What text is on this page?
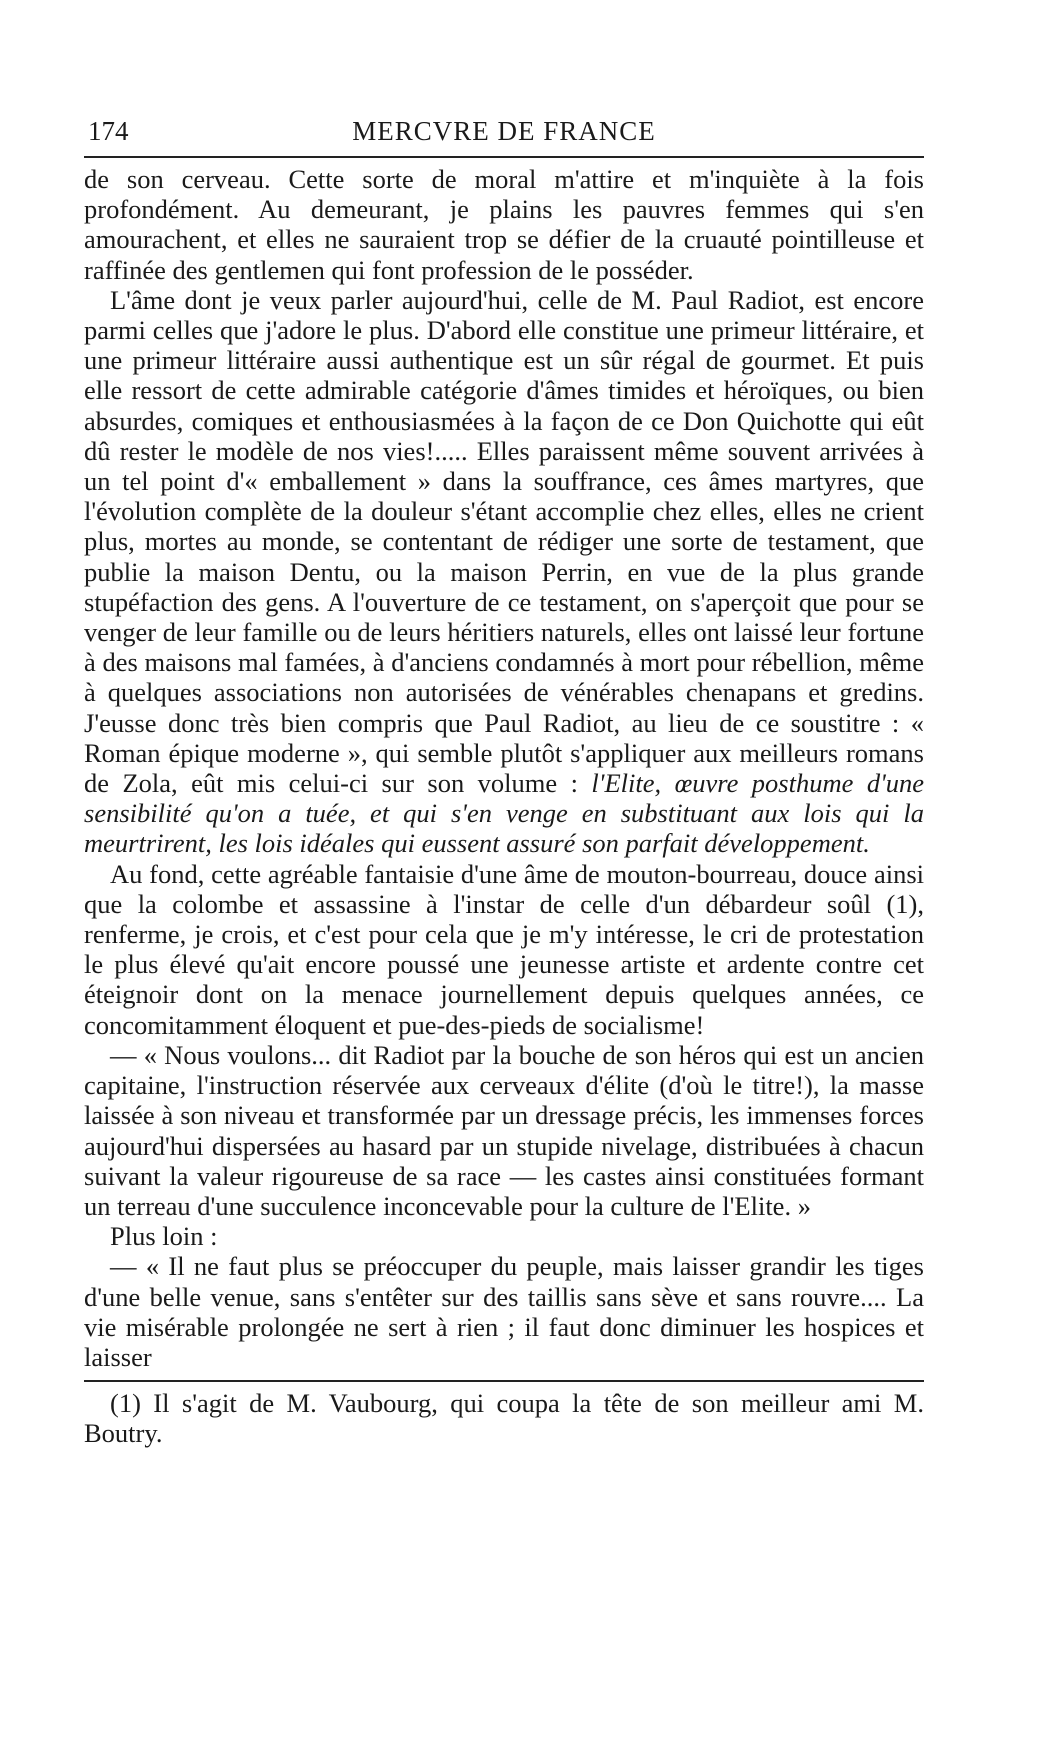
174	MERCVRE DE FRANCE

de son cerveau. Cette sorte de moral m'attire et m'inquiète à la fois profondément. Au demeurant, je plains les pauvres femmes qui s'en amourachent, et elles ne sauraient trop se défier de la cruauté pointilleuse et raffinée des gentlemen qui font profession de le posséder.

L'âme dont je veux parler aujourd'hui, celle de M. Paul Radiot, est encore parmi celles que j'adore le plus. D'abord elle constitue une primeur littéraire, et une primeur littéraire aussi authentique est un sûr régal de gourmet. Et puis elle ressort de cette admirable catégorie d'âmes timides et héroïques, ou bien absurdes, comiques et enthousiasmées à la façon de ce Don Quichotte qui eût dû rester le modèle de nos vies!..... Elles paraissent même souvent arrivées à un tel point d'« emballement » dans la souffrance, ces âmes martyres, que l'évolution complète de la douleur s'étant accomplie chez elles, elles ne crient plus, mortes au monde, se contentant de rédiger une sorte de testament, que publie la maison Dentu, ou la maison Perrin, en vue de la plus grande stupéfaction des gens. A l'ouverture de ce testament, on s'aperçoit que pour se venger de leur famille ou de leurs héritiers naturels, elles ont laissé leur fortune à des maisons mal famées, à d'anciens condamnés à mort pour rébellion, même à quelques associations non autorisées de vénérables chenapans et gredins. J'eusse donc très bien compris que Paul Radiot, au lieu de ce soustitre : « Roman épique moderne », qui semble plutôt s'appliquer aux meilleurs romans de Zola, eût mis celui-ci sur son volume : l'Elite, œuvre posthume d'une sensibilité qu'on a tuée, et qui s'en venge en substituant aux lois qui la meurtrirent, les lois idéales qui eussent assuré son parfait développement.

Au fond, cette agréable fantaisie d'une âme de mouton-bourreau, douce ainsi que la colombe et assassine à l'instar de celle d'un débardeur soûl (1), renferme, je crois, et c'est pour cela que je m'y intéresse, le cri de protestation le plus élevé qu'ait encore poussé une jeunesse artiste et ardente contre cet éteignoir dont on la menace journellement depuis quelques années, ce concomitamment éloquent et pue-des-pieds de socialisme!

— « Nous voulons... dit Radiot par la bouche de son héros qui est un ancien capitaine, l'instruction réservée aux cerveaux d'élite (d'où le titre!), la masse laissée à son niveau et transformée par un dressage précis, les immenses forces aujourd'hui dispersées au hasard par un stupide nivelage, distribuées à chacun suivant la valeur rigoureuse de sa race — les castes ainsi constituées formant un terreau d'une succulence inconcevable pour la culture de l'Elite. »

Plus loin :

— « Il ne faut plus se préoccuper du peuple, mais laisser grandir les tiges d'une belle venue, sans s'entêter sur des taillis sans sève et sans rouvre.... La vie misérable prolongée ne sert à rien ; il faut donc diminuer les hospices et laisser

(1) Il s'agit de M. Vaubourg, qui coupa la tête de son meilleur ami M. Boutry.
